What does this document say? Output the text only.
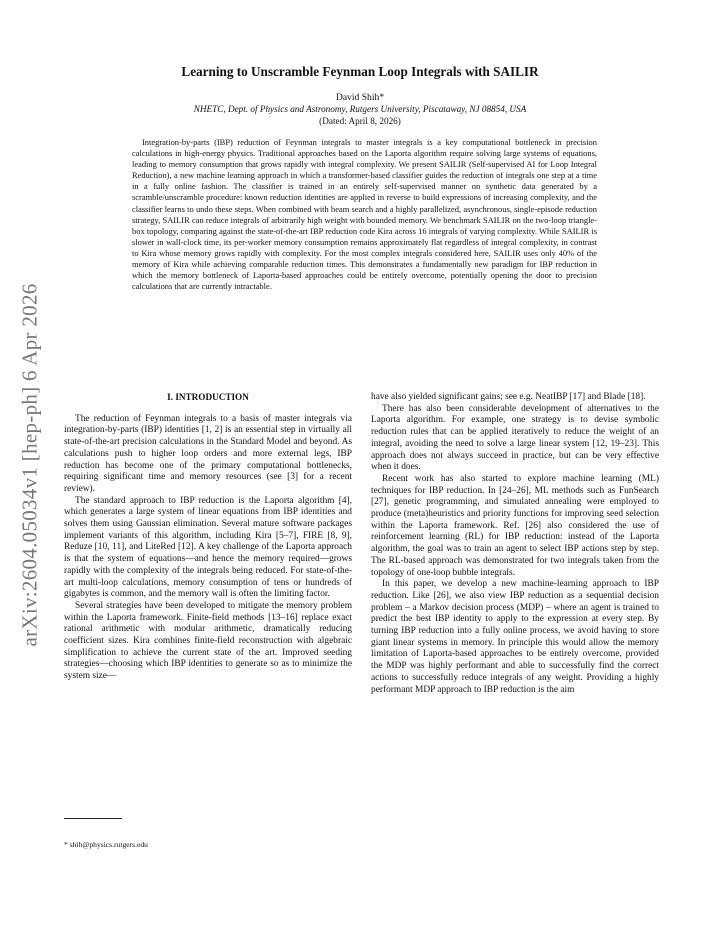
arXiv:2604.05034v1 [hep-ph] 6 Apr 2026
Learning to Unscramble Feynman Loop Integrals with SAILIR
David Shih*
NHETC, Dept. of Physics and Astronomy, Rutgers University, Piscataway, NJ 08854, USA
(Dated: April 8, 2026)

Integration-by-parts (IBP) reduction of Feynman integrals to master integrals is a key computational bottleneck in precision calculations in high-energy physics. Traditional approaches based on the Laporta algorithm require solving large systems of equations, leading to memory consumption that grows rapidly with integral complexity. We present SAILIR (Self-supervised AI for Loop Integral Reduction), a new machine learning approach in which a transformer-based classifier guides the reduction of integrals one step at a time in a fully online fashion. The classifier is trained in an entirely self-supervised manner on synthetic data generated by a scramble/unscramble procedure: known reduction identities are applied in reverse to build expressions of increasing complexity, and the classifier learns to undo these steps. When combined with beam search and a highly parallelized, asynchronous, single-episode reduction strategy, SAILIR can reduce integrals of arbitrarily high weight with bounded memory. We benchmark SAILIR on the two-loop triangle-box topology, comparing against the state-of-the-art IBP reduction code Kira across 16 integrals of varying complexity. While SAILIR is slower in wall-clock time, its per-worker memory consumption remains approximately flat regardless of integral complexity, in contrast to Kira whose memory grows rapidly with complexity. For the most complex integrals considered here, SAILIR uses only 40% of the memory of Kira while achieving comparable reduction times. This demonstrates a fundamentally new paradigm for IBP reduction in which the memory bottleneck of Laporta-based approaches could be entirely overcome, potentially opening the door to precision calculations that are currently intractable.

I. INTRODUCTION

The reduction of Feynman integrals to a basis of master integrals via integration-by-parts (IBP) identities [1, 2] is an essential step in virtually all state-of-the-art precision calculations in the Standard Model and beyond. As calculations push to higher loop orders and more external legs, IBP reduction has become one of the primary computational bottlenecks, requiring significant time and memory resources (see [3] for a recent review).

The standard approach to IBP reduction is the Laporta algorithm [4], which generates a large system of linear equations from IBP identities and solves them using Gaussian elimination. Several mature software packages implement variants of this algorithm, including Kira [5–7], FIRE [8, 9], Reduze [10, 11], and LiteRed [12]. A key challenge of the Laporta approach is that the system of equations—and hence the memory required—grows rapidly with the complexity of the integrals being reduced. For state-of-the-art multi-loop calculations, memory consumption of tens or hundreds of gigabytes is common, and the memory wall is often the limiting factor.

Several strategies have been developed to mitigate the memory problem within the Laporta framework. Finite-field methods [13–16] replace exact rational arithmetic with modular arithmetic, dramatically reducing coefficient sizes. Kira combines finite-field reconstruction with algebraic simplification to achieve the current state of the art. Improved seeding strategies—choosing which IBP identities to generate so as to minimize the system size—

have also yielded significant gains; see e.g. NeatIBP [17] and Blade [18].

There has also been considerable development of alternatives to the Laporta algorithm. For example, one strategy is to devise symbolic reduction rules that can be applied iteratively to reduce the weight of an integral, avoiding the need to solve a large linear system [12, 19–23]. This approach does not always succeed in practice, but can be very effective when it does.

Recent work has also started to explore machine learning (ML) techniques for IBP reduction. In [24–26], ML methods such as FunSearch [27], genetic programming, and simulated annealing were employed to produce (meta)heuristics and priority functions for improving seed selection within the Laporta framework. Ref. [26] also considered the use of reinforcement learning (RL) for IBP reduction: instead of the Laporta algorithm, the goal was to train an agent to select IBP actions step by step. The RL-based approach was demonstrated for two integrals taken from the topology of one-loop bubble integrals.

In this paper, we develop a new machine-learning approach to IBP reduction. Like [26], we also view IBP reduction as a sequential decision problem – a Markov decision process (MDP) – where an agent is trained to predict the best IBP identity to apply to the expression at every step. By turning IBP reduction into a fully online process, we avoid having to store giant linear systems in memory. In principle this would allow the memory limitation of Laporta-based approaches to be entirely overcome, provided the MDP was highly performant and able to successfully find the correct actions to successfully reduce integrals of any weight. Providing a highly performant MDP approach to IBP reduction is the aim

* shih@physics.rutgers.edu
